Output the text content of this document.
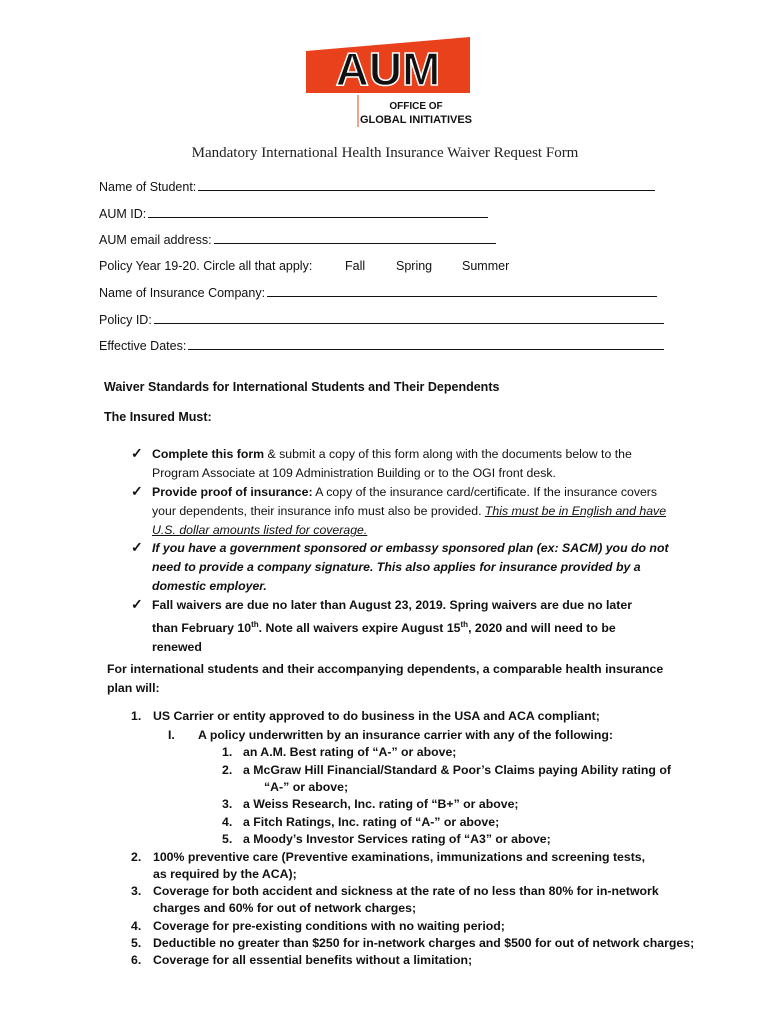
AUM
OFFICE OF
GLOBAL INITIATIVES
Mandatory International Health Insurance Waiver Request Form
Name of Student:
AUM ID:
AUM email address:
Policy Year 19-20. Circle all that apply:	Fall Spring Summer
Name of Insurance Company:
Policy ID:
Effective Dates:
Waiver Standards for International Students and Their Dependents
The Insured Must:
✓ Complete this form & submit a copy of this form along with the documents below to the Program Associate at 109 Administration Building or to the OGI front desk.
✓ Provide proof of insurance: A copy of the insurance card/certificate. If the insurance covers your dependents, their insurance info must also be provided. This must be in English and have U.S. dollar amounts listed for coverage.
✓ If you have a government sponsored or embassy sponsored plan (ex: SACM) you do not need to provide a company signature. This also applies for insurance provided by a domestic employer.
✓ Fall waivers are due no later than August 23, 2019. Spring waivers are due no later than February 10th. Note all waivers expire August 15th, 2020 and will need to be renewed
For international students and their accompanying dependents, a comparable health insurance plan will:
1. US Carrier or entity approved to do business in the USA and ACA compliant;
I. A policy underwritten by an insurance carrier with any of the following:
1. an A.M. Best rating of “A-” or above;
2. a McGraw Hill Financial/Standard & Poor’s Claims paying Ability rating of
“A-” or above;
3. a Weiss Research, Inc. rating of “B+” or above;
4. a Fitch Ratings, Inc. rating of “A-” or above;
5. a Moody’s Investor Services rating of “A3” or above;
2. 100% preventive care (Preventive examinations, immunizations and screening tests,
as required by the ACA);
3. Coverage for both accident and sickness at the rate of no less than 80% for in-network
charges and 60% for out of network charges;
4. Coverage for pre-existing conditions with no waiting period;
5. Deductible no greater than $250 for in-network charges and $500 for out of network charges;
6. Coverage for all essential benefits without a limitation;
